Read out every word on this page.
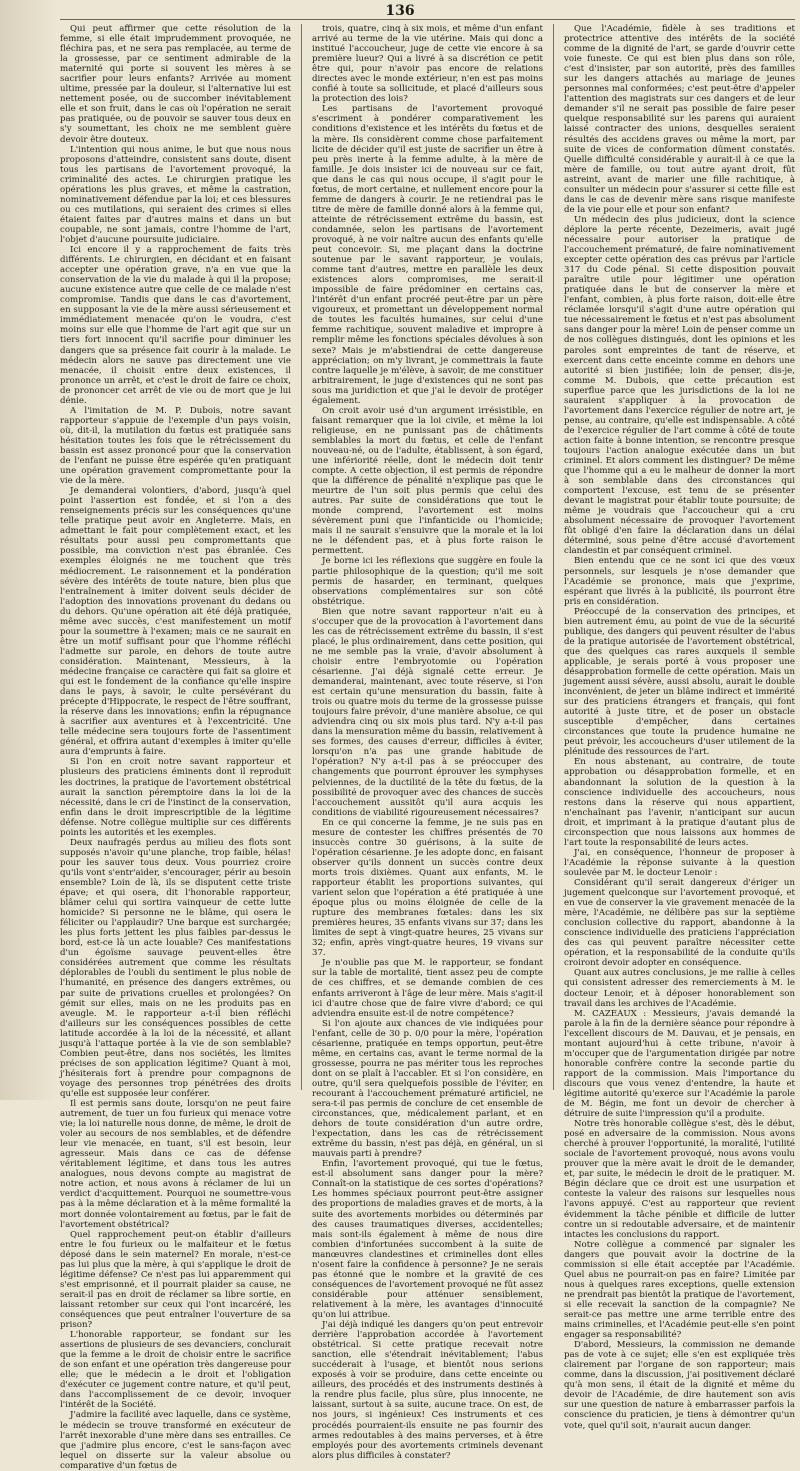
136

Qui peut affirmer que cette résolution de la femme, si elle était imprudemment provoquée, ne fléchira pas, et ne sera pas remplacée, au terme de la grossesse, par ce sentiment admirable de la maternité qui porte si souvent les mères à se sacrifier pour leurs enfants? Arrivée au moment ultime, pressée par la douleur, si l'alternative lui est nettement posée, ou de succomber inévitablement elle et son fruit, dans le cas où l'opération ne serait pas pratiquée, ou de pouvoir se sauver tous deux en s'y soumettant, les choix ne me semblent guère devoir être douteux.

L'intention qui nous anime, le but que nous nous proposons d'atteindre, consistent sans doute, disent tous les partisans de l'avortement provoqué, la criminalité des actes. Le chirurgien pratique les opérations les plus graves, et même la castration, nominativement défendue par la loi; et ces blessures ou ces mutilations, qui seraient des crimes si elles étaient faites par d'autres mains et dans un but coupable, ne sont jamais, contre l'homme de l'art, l'objet d'aucune poursuite judiciaire.

Ici encore il y a rapprochement de faits très différents. Le chirurgien, en décidant et en faisant accepter une opération grave, n'a en vue que la conservation de la vie du malade à qui il la propose; aucune existence autre que celle de ce malade n'est compromise. Tandis que dans le cas d'avortement, en supposant la vie de la mère aussi sérieusement et immédiatement menacée qu'on le voudra, c'est moins sur elle que l'homme de l'art agit que sur un tiers fort innocent qu'il sacrifie pour diminuer les dangers que sa présence fait courir à la malade. Le médecin alors ne sauve pas directement une vie menacée, il choisit entre deux existences, il prononce un arrêt, et c'est le droit de faire ce choix, de prononcer cet arrêt de vie ou de mort que je lui dénie.

A l'imitation de M. P. Dubois, notre savant rapporteur s'appuie de l'exemple d'un pays voisin, où, dit-il, la mutilation du fœtus est pratiquée sans hésitation toutes les fois que le rétrécissement du bassin est assez prononcé pour que la conservation de l'enfant ne puisse être espérée qu'en pratiquant une opération gravement compromettante pour la vie de la mère.

Je demanderai volontiers, d'abord, jusqu'à quel point l'assertion est fondée, et si l'on a des renseignements précis sur les conséquences qu'une telle pratique peut avoir en Angleterre. Mais, en admettant le fait pour complètement exact, et les résultats pour aussi peu compromettants que possible, ma conviction n'est pas ébranlée. Ces exemples éloignés ne me touchent que très médiocrement. Le raisonnement et la pondération sévère des intérêts de toute nature, bien plus que l'entraînement à imiter doivent seuls décider de l'adoption des innovations provenant du dedans ou du dehors. Qu'une opération ait été déjà pratiquée, même avec succès, c'est manifestement un motif pour la soumettre à l'examen; mais ce ne saurait en être un motif suffisant pour que l'homme réfléchi l'admette sur parole, en dehors de toute autre considération. Maintenant, Messieurs, à la médecine française ce caractère qui fait sa gloire et qui est le fondement de la confiance qu'elle inspire dans le pays, à savoir, le culte persévérant du précepte d'Hippocrate, le respect de l'être souffrant, la réserve dans les innovations; enfin la répugnance à sacrifier aux aventures et à l'excentricité. Une telle médecine sera toujours forte de l'assentiment général, et offrira autant d'exemples à imiter qu'elle aura d'emprunts à faire.

Si l'on en croit notre savant rapporteur et plusieurs des praticiens éminents dont il reproduit les doctrines, la pratique de l'avortement obstétrical aurait la sanction péremptoire dans la loi de la nécessité, dans le cri de l'instinct de la conservation, enfin dans le droit imprescriptible de la légitime défense. Notre collègue multiplie sur ces différents points les autorités et les exemples.

Deux naufragés perdus au milieu des flots sont supposés n'avoir qu'une planche, trop faible, hélas! pour les sauver tous deux. Vous pourriez croire qu'ils vont s'entr'aider, s'encourager, périr au besoin ensemble? Loin de là, ils se disputent cette triste épave; et qui osera, dit l'honorable rapporteur, blâmer celui qui sortira vainqueur de cette lutte homicide? Si personne ne le blâme, qui osera le féliciter ou l'applaudir? Une barque est surchargée; les plus forts jettent les plus faibles par-dessus le bord, est-ce là un acte louable? Ces manifestations d'un égoïsme sauvage peuvent-elles être considérées autrement que comme les résultats déplorables de l'oubli du sentiment le plus noble de l'humanité, en présence des dangers extrêmes, ou par suite de privations cruelles et prolongées? On gémit sur elles, mais on ne les produits pas en aveugle. M. le rapporteur a-t-il bien réfléchi d'ailleurs sur les conséquences possibles de cette latitude accordée à la loi de la nécessité, et allant jusqu'à l'attaque portée à la vie de son semblable? Combien peut-être, dans nos sociétés, les limites précises de son application légitime? Quant à moi, j'hésiterais fort à prendre pour compagnons de voyage des personnes trop pénétrées des droits qu'elle est supposée leur conférer.

Il est permis sans doute, lorsqu'on ne peut faire autrement, de tuer un fou furieux qui menace votre vie; la loi naturelle nous donne, de même, le droit de voler au secours de nos semblables, et de défendre leur vie menacée, en tuant, s'il est besoin, leur agresseur. Mais dans ce cas de défense véritablement légitime, et dans tous les autres analogues, nous devons compte au magistrat de notre action, et nous avons à réclamer de lui un verdict d'acquittement. Pourquoi ne soumettre-vous pas à la même déclaration et à la même formalité la mort donnée volontairement au fœtus, par le fait de l'avortement obstétrical?

Quel rapprochement peut-on établir d'ailleurs entre le fou furieux ou le malfaiteur et le fœtus déposé dans le sein maternel? En morale, n'est-ce pas lui plus que la mère, à qui s'applique le droit de légitime défense? Ce n'est pas lui apparemment qui s'est emprisonné, et il pourrait plaider sa cause, ne serait-il pas en droit de réclamer sa libre sortie, en laissant retomber sur ceux qui l'ont incarcéré, les conséquences que peut entraîner l'ouverture de sa prison?

L'honorable rapporteur, se fondant sur les assertions de plusieurs de ses devanciers, conclurait que la femme a le droit de choisir entre le sacrifice de son enfant et une opération très dangereuse pour elle; que le médecin a le droit et l'obligation d'exécuter ce jugement contre nature, et qu'il peut, dans l'accomplissement de ce devoir, invoquer l'intérêt de la Société.

J'admire la facilité avec laquelle, dans ce système, le médecin se trouve transformé en exécuteur de l'arrêt inexorable d'une mère dans ses entrailles. Ce que j'admire plus encore, c'est le sans-façon avec lequel on disserte sur la valeur absolue ou comparative d'un fœtus de

trois, quatre, cinq à six mois, et même d'un enfant arrivé au terme de la vie utérine. Mais qui donc a institué l'accoucheur, juge de cette vie encore à sa première lueur? Qui a livré à sa discrétion ce petit être qui, pour n'avoir pas encore de relations directes avec le monde extérieur, n'en est pas moins confié à toute sa sollicitude, et placé d'ailleurs sous la protection des lois?

Les partisans de l'avortement provoqué s'escriment à pondérer comparativement les conditions d'existence et les intérêts du fœtus et de la mère. Ils considèrent comme chose parfaitement licite de décider qu'il est juste de sacrifier un être à peu près inerte à la femme adulte, à la mère de famille. Je dois insister ici de nouveau sur ce fait, que dans le cas qui nous occupe, il s'agit pour le fœtus, de mort certaine, et nullement encore pour la femme de dangers à courir. Je ne retiendrai pas le titre de mère de famille donné alors à la femme qui, atteinte de rétrécissement extrême du bassin, est condamnée, selon les partisans de l'avortement provoqué, à ne voir naître aucun des enfants qu'elle peut concevoir. Si, me plaçant dans la doctrine soutenue par le savant rapporteur, je voulais, comme tant d'autres, mettre en parallèle les deux existences alors compromises, me serait-il impossible de faire prédominer en certains cas, l'intérêt d'un enfant procréé peut-être par un père vigoureux, et promettant un développement normal de toutes les facultés humaines, sur celui d'une femme rachitique, souvent maladive et impropre à remplir même les fonctions spéciales dévolues à son sexe? Mais je m'abstiendrai de cette dangereuse appréciation; on m'y livrant, je commettrais la faute contre laquelle je m'élève, à savoir, de me constituer arbitrairement, le juge d'existences qui ne sont pas sous ma juridiction et que j'ai le devoir de protéger également.

On croit avoir usé d'un argument irrésistible, en faisant remarquer que la loi civile, et même la loi religieuse, en ne punissant pas de châtiments semblables la mort du fœtus, et celle de l'enfant nouveau-né, ou de l'adulte, établissent, à son égard, une infériorité réelle, dont le médecin doit tenir compte. A cette objection, il est permis de répondre que la différence de pénalité n'explique pas que le meurtre de l'un soit plus permis que celui des autres. Par suite de considérations que tout le monde comprend, l'avortement est moins sévèrement puni que l'infanticide ou l'homicide; mais il ne saurait s'ensuivre que la morale et la loi ne le défendent pas, et à plus forte raison le permettent.

Je borne ici les réflexions que suggère en foule la partie philosophique de la question; qu'il me soit permis de hasarder, en terminant, quelques observations complémentaires sur son côté obstétrique.

Bien que notre savant rapporteur n'ait eu à s'occuper que de la provocation à l'avortement dans les cas de rétrécissement extrême du bassin, il s'est placé, le plus ordinairement, dans cette position, qui ne me semble pas la vraie, d'avoir absolument à choisir entre l'embryotomie ou l'opération césarienne. J'ai déjà signalé cette erreur. Je demanderai, maintenant, avec toute réserve, si l'on est certain qu'une mensuration du bassin, faite à trois ou quatre mois du terme de la grossesse puisse toujours faire prévoir, d'une manière absolue, ce qui adviendra cinq ou six mois plus tard. N'y a-t-il pas dans la mensuration même du bassin, relativement à ses formes, des causes d'erreur, difficiles à éviter, lorsqu'on n'a pas une grande habitude de l'opération? N'y a-t-il pas à se préoccuper des changements que pourront éprouver les symphyses pelviennes, de la ductilité de la tête du fœtus, de la possibilité de provoquer avec des chances de succès l'accouchement aussitôt qu'il aura acquis les conditions de viabilité rigoureusement nécessaires?

En ce qui concerne la femme, je ne suis pas en mesure de contester les chiffres présentés de 70 insuccès contre 30 guérisons, à la suite de l'opération césarienne. Je les adopte donc, en faisant observer qu'ils donnent un succès contre deux morts trois dixièmes. Quant aux enfants, M. le rapporteur établit les proportions suivantes, qui varient selon que l'opération a été pratiquée à une époque plus ou moins éloignée de celle de la rupture des membranes fœtales: dans les six premières heures, 35 enfants vivans sur 37; dans les limites de sept à vingt-quatre heures, 25 vivans sur 32; enfin, après vingt-quatre heures, 19 vivans sur 37.

Je n'oublie pas que M. le rapporteur, se fondant sur la table de mortalité, tient assez peu de compte de ces chiffres, et se demande combien de ces enfants arriveront à l'âge de leur mère. Mais s'agit-il ici d'autre chose que de faire vivre d'abord; ce qui adviendra ensuite est-il de notre compétence?

Si l'on ajoute aux chances de vie indiquées pour l'enfant, celle de 30 p. 0/0 pour la mère, l'opération césarienne, pratiquée en temps opportun, peut-être même, en certains cas, avant le terme normal de la grossesse, pourra ne pas mériter tous les reproches dont on se plaît à l'accabler. Et si l'on considère, en outre, qu'il sera quelquefois possible de l'éviter, en recourant à l'accouchement prématuré artificiel, ne sera-t-il pas permis de conclure de cet ensemble de circonstances, que, médicalement parlant, et en dehors de toute considération d'un autre ordre, l'expectation, dans les cas de rétrécissement extrême du bassin, n'est pas déjà, en général, un si mauvais parti à prendre?

Enfin, l'avortement provoqué, qui tue le fœtus, est-il absolument sans danger pour la mère? Connaît-on la statistique de ces sortes d'opérations? Les hommes spéciaux pourront peut-être assigner des proportions de maladies graves et de morts, à la suite des avortements morbides ou déterminés par des causes traumatiques diverses, accidentelles; mais sont-ils également à même de nous dire combien d'infortunées succombent à la suite de manœuvres clandestines et criminelles dont elles n'osent faire la confidence à personne? Je ne serais pas étonné que le nombre et la gravité de ces conséquences de l'avortement provoqué ne fût assez considérable pour atténuer sensiblement, relativement à la mère, les avantages d'innocuité qu'on lui attribue.

J'ai déjà indiqué les dangers qu'on peut entrevoir derrière l'approbation accordée à l'avortement obstétrical. Si cette pratique recevait notre sanction, elle s'étendrait inévitablement; l'abus succéderait à l'usage, et bientôt nous serions exposés à voir se produire, dans cette enceinte ou ailleurs, des procédés et des instruments destinés à la rendre plus facile, plus sûre, plus innocente, ne laissant, surtout à sa suite, aucune trace. On est, de nos jours, si ingénieux! Ces instruments et ces procédés pourraient-ils ensuite ne pas fournir des armes redoutables à des mains perverses, et à être employés pour des avortements criminels devenant alors plus difficiles à constater?

Que l'Académie, fidèle à ses traditions et protectrice attentive des intérêts de la société comme de la dignité de l'art, se garde d'ouvrir cette voie funeste. Ce qui est bien plus dans son rôle, c'est d'insister, par son autorité, près des familles sur les dangers attachés au mariage de jeunes personnes mal conformées; c'est peut-être d'appeler l'attention des magistrats sur ces dangers et de leur demander s'il ne serait pas possible de faire peser quelque responsabilité sur les parens qui auraient laissé contracter des unions, desquelles seraient résultés des accidens graves ou même la mort, par suite de vices de conformation dûment constatés. Quelle difficulté considérable y aurait-il à ce que la mère de famille, ou tout autre ayant droit, fût astreint, avant de marier une fille rachitique, à consulter un médecin pour s'assurer si cette fille est dans le cas de devenir mère sans risque manifeste de la vie pour elle et pour son enfant?

Un médecin des plus judicieux, dont la science déplore la perte récente, Dezeimeris, avait jugé nécessaire pour autoriser la pratique de l'accouchement prématuré, de faire nominativement excepter cette opération des cas prévus par l'article 317 du Code pénal. Si cette disposition pouvait paraître utile pour légitimer une opération pratiquée dans le but de conserver la mère et l'enfant, combien, à plus forte raison, doit-elle être réclamée lorsqu'il s'agit d'une autre opération qui tue nécessairement le fœtus et n'est pas absolument sans danger pour la mère! Loin de penser comme un de nos collègues distingués, dont les opinions et les paroles sont empreintes de tant de réserve, et exercent dans cette enceinte comme en dehors une autorité si bien justifiée; loin de penser, dis-je, comme M. Dubois, que cette précaution est superflue parce que les jurisdictions de la loi ne sauraient s'appliquer à la provocation de l'avortement dans l'exercice régulier de notre art, je pense, au contraire, qu'elle est indispensable. A côté de l'exercice régulier de l'art comme à côté de toute action faite à bonne intention, se rencontre presque toujours l'action analogue exécutée dans un but criminel. Et alors comment les distinguer? De même que l'homme qui a eu le malheur de donner la mort à son semblable dans des circonstances qui comportent l'excuse, est tenu de se présenter devant le magistrat pour établir toute poursuite; de même je voudrais que l'accoucheur qui a cru absolument nécessaire de provoquer l'avortement fût obligé d'en faire la déclaration dans un délai déterminé, sous peine d'être accusé d'avortement clandestin et par conséquent criminel.

Bien entendu que ce ne sont ici que des vœux personnels, sur lesquels je n'ose demander que l'Académie se prononce, mais que j'exprime, espérant que livrés à la publicité, ils pourront être pris en considération.

Préoccupé de la conservation des principes, et bien autrement ému, au point de vue de la sécurité publique, des dangers qui peuvent résulter de l'abus de la pratique autorisée de l'avortement obstétrical, que des quelques cas rares auxquels il semble applicable, je serais porté à vous proposer une désapprobation formelle de cette opération. Mais un jugement aussi sévère, aussi absolu, aurait le double inconvénient, de jeter un blâme indirect et immérité sur des praticiens étrangers et français, qui font autorité à juste titre, et de poser un obstacle susceptible d'empêcher, dans certaines circonstances que toute la prudence humaine ne peut prévoir, les accoucheurs d'user utilement de la plénitude des ressources de l'art.

En nous abstenant, au contraire, de toute approbation ou désapprobation formelle, et en abandonnant la solution de la question à la conscience individuelle des accoucheurs, nous restons dans la réserve qui nous appartient, n'enchaînant pas l'avenir, n'anticipant sur aucun droit, et imprimant à la pratique d'autant plus de circonspection que nous laissons aux hommes de l'art toute la responsabilité de leurs actes.

J'ai, en conséquence, l'honneur de proposer à l'Académie la réponse suivante à la question soulevée par M. le docteur Lenoir :

Considérant qu'il serait dangereux d'ériger un jugement quelconque sur l'avortement provoqué, et en vue de conserver la vie gravement menacée de la mère, l'Académie, ne délibère pas sur la septième conclusion collective du rapport, abandonne à la conscience individuelle des praticiens l'appréciation des cas qui peuvent paraître nécessiter cette opération, et la responsabilité de la conduite qu'ils croiront devoir adopter en conséquence.

Quant aux autres conclusions, je me rallie à celles qui consistent adresser des remerciements à M. le docteur Lenoir, et à déposer honorablement son travail dans les archives de l'Académie.

M. CAZEAUX : Messieurs, j'avais demandé la parole à la fin de la dernière séance pour répondre à l'excellent discours de M. Dauvau, et je pensais, en montant aujourd'hui à cette tribune, n'avoir à m'occuper que de l'argumentation dirigée par notre honorable confrère contre la seconde partie du rapport de la commission. Mais l'importance du discours que vous venez d'entendre, la haute et légitime autorité qu'exerce sur l'Académie la parole de M. Bégin, me font un devoir de chercher à détruire de suite l'impression qu'il a produite.

Notre très honorable collègue s'est, dès le début, posé en adversaire de la commission. Nous avons cherché à prouver l'opportunité, la moralité, l'utilité sociale de l'avortement provoqué, nous avons voulu prouver que la mère avait le droit de le demander, et, par suite, le médecin le droit de le pratiquer. M. Bégin déclare que ce droit est une usurpation et conteste la valeur des raisons sur lesquelles nous l'avons appuyé. C'est au rapporteur que revient évidemment la tâche pénible et difficile de lutter contre un si redoutable adversaire, et de maintenir intactes les conclusions du rapport.

Notre collègue a commencé par signaler les dangers que pouvait avoir la doctrine de la commission si elle était acceptée par l'Académie. Quel abus ne pourrait-on pas en faire? Limitée par nous à quelques rares exceptions, quelle extension ne prendrait pas bientôt la pratique de l'avortement, si elle recevait la sanction de la compagnie? Ne serait-ce pas mettre une arme terrible entre des mains criminelles, et l'Académie peut-elle s'en point engager sa responsabilité?

D'abord, Messieurs, la commission ne demande pas de vote à ce sujet; elle s'en est expliquée très clairement par l'organe de son rapporteur; mais comme, dans la discussion, j'ai positivement déclaré qu'à mon sens, il était de la dignité et même du devoir de l'Académie, de dire hautement son avis sur une question de nature à embarrasser parfois la conscience du praticien, je tiens à démontrer qu'un vote, quel qu'il soit, n'aurait aucun danger.
